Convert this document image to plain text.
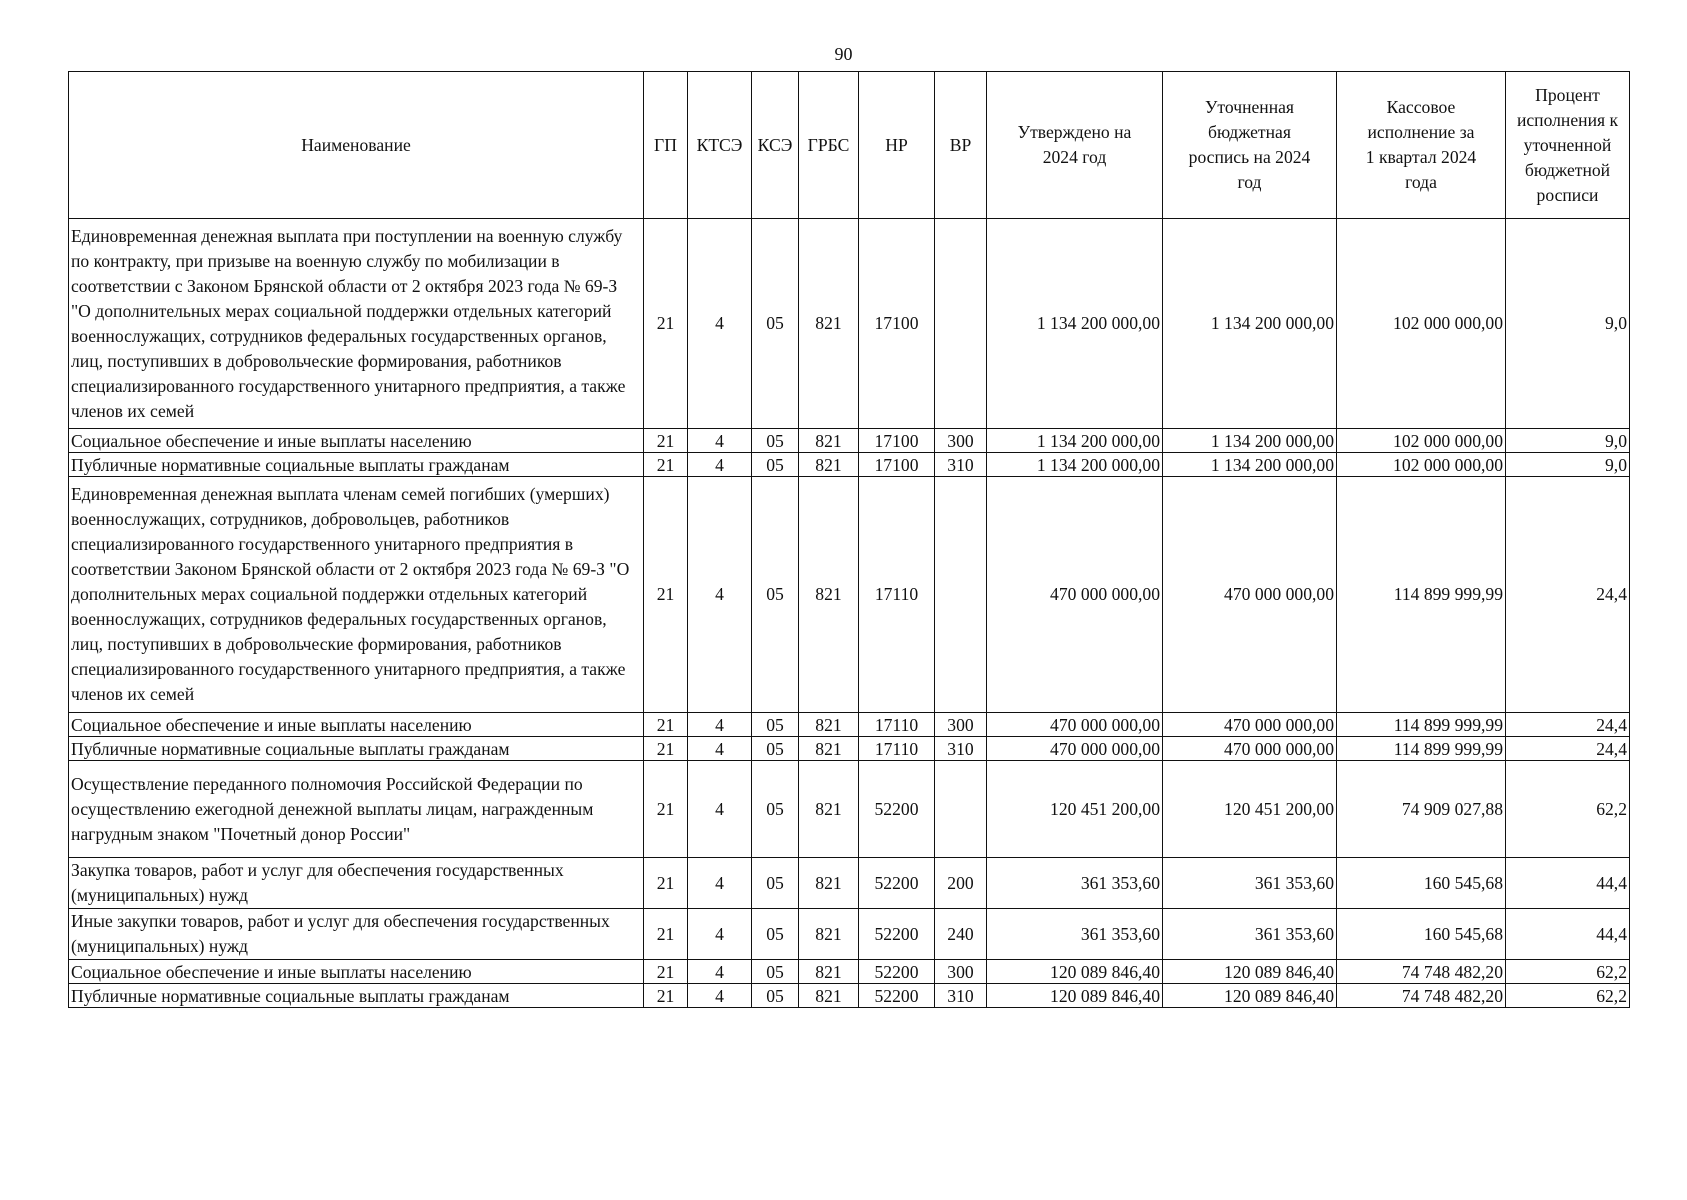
90
Наименование	ГП	КТСЭ	КСЭ	ГРБС	НР	ВР	Утверждено на 2024 год	Уточненная бюджетная роспись на 2024 год	Кассовое исполнение за 1 квартал 2024 года	Процент исполнения к уточненной бюджетной росписи
Единовременная денежная выплата при поступлении на военную службу по контракту, при призыве на военную службу по мобилизации в соответствии с Законом Брянской области от 2 октября 2023 года № 69-З "О дополнительных мерах социальной поддержки отдельных категорий военнослужащих, сотрудников федеральных государственных органов, лиц, поступивших в добровольческие формирования, работников специализированного государственного унитарного предприятия, а также членов их семей	21	4	05	821	17100		1 134 200 000,00	1 134 200 000,00	102 000 000,00	9,0
Социальное обеспечение и иные выплаты населению	21	4	05	821	17100	300	1 134 200 000,00	1 134 200 000,00	102 000 000,00	9,0
Публичные нормативные социальные выплаты гражданам	21	4	05	821	17100	310	1 134 200 000,00	1 134 200 000,00	102 000 000,00	9,0
Единовременная денежная выплата членам семей погибших (умерших) военнослужащих, сотрудников, добровольцев, работников специализированного государственного унитарного предприятия в соответствии Законом Брянской области от 2 октября 2023 года № 69-З "О дополнительных мерах социальной поддержки отдельных категорий военнослужащих, сотрудников федеральных государственных органов, лиц, поступивших в добровольческие формирования, работников специализированного государственного унитарного предприятия, а также членов их семей	21	4	05	821	17110		470 000 000,00	470 000 000,00	114 899 999,99	24,4
Социальное обеспечение и иные выплаты населению	21	4	05	821	17110	300	470 000 000,00	470 000 000,00	114 899 999,99	24,4
Публичные нормативные социальные выплаты гражданам	21	4	05	821	17110	310	470 000 000,00	470 000 000,00	114 899 999,99	24,4
Осуществление переданного полномочия Российской Федерации по осуществлению ежегодной денежной выплаты лицам, награжденным нагрудным знаком "Почетный донор России"	21	4	05	821	52200		120 451 200,00	120 451 200,00	74 909 027,88	62,2
Закупка товаров, работ и услуг для обеспечения государственных (муниципальных) нужд	21	4	05	821	52200	200	361 353,60	361 353,60	160 545,68	44,4
Иные закупки товаров, работ и услуг для обеспечения государственных (муниципальных) нужд	21	4	05	821	52200	240	361 353,60	361 353,60	160 545,68	44,4
Социальное обеспечение и иные выплаты населению	21	4	05	821	52200	300	120 089 846,40	120 089 846,40	74 748 482,20	62,2
Публичные нормативные социальные выплаты гражданам	21	4	05	821	52200	310	120 089 846,40	120 089 846,40	74 748 482,20	62,2
